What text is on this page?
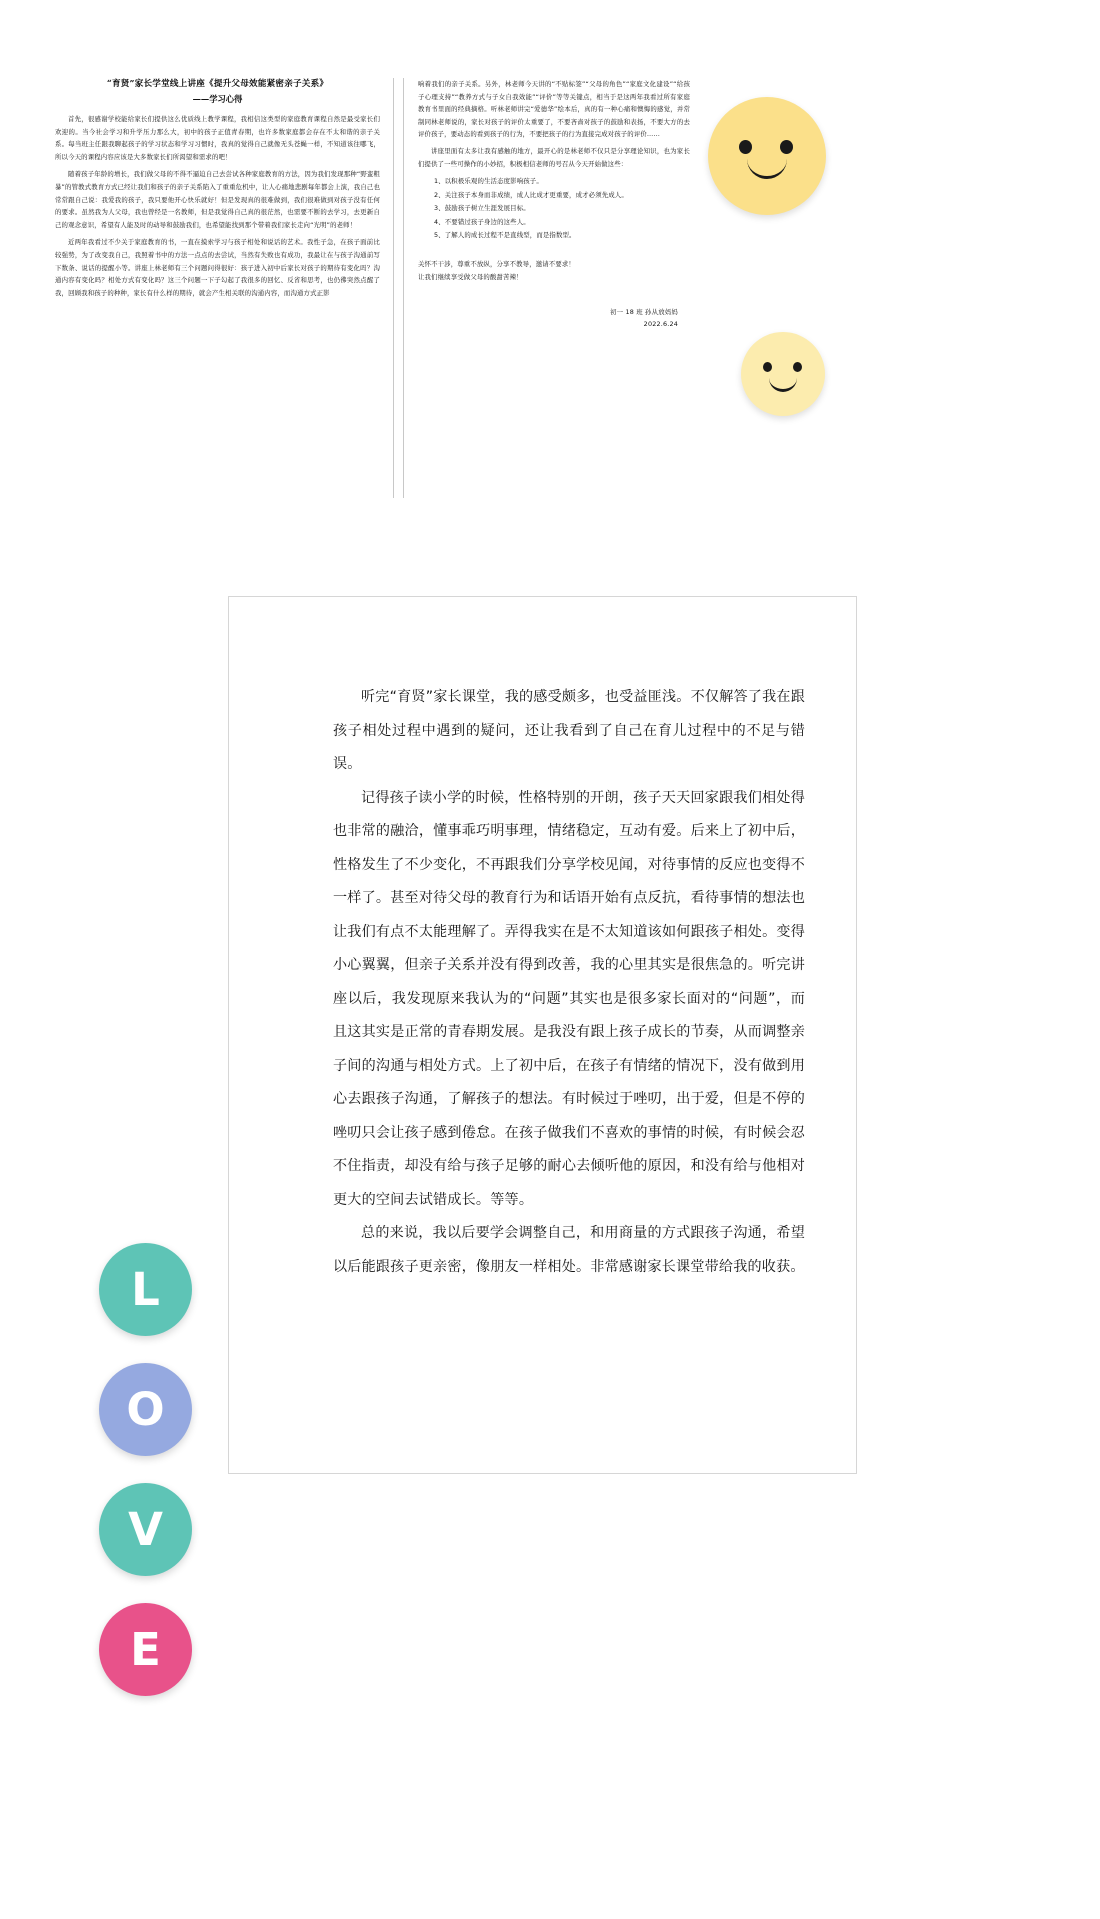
“育贤”家长学堂线上讲座《提升父母效能紧密亲子关系》
——学习心得

首先，很感谢学校能给家长们提供这么优质线上教学课程，我相信这类型的家庭教育课程自然是最受家长们欢迎的。当今社会学习和升学压力那么大，初中的孩子正值青春期，也许多数家庭都会存在不太和谐的亲子关系。每当班主任跟我聊起孩子的学习状态和学习习惯时，我真的觉得自己就像无头苍蝇一样，不知道该往哪飞，所以今天的课程内容应该是大多数家长们所渴望和需求的吧！

随着孩子年龄的增长，我们做父母的不得不逼迫自己去尝试各种家庭教育的方法，因为我们发现那种“野蛮粗暴”的管教式教育方式已经让我们和孩子的亲子关系陷入了重重危机中，让人心痛地悲剧每年都会上演，我自己也常常跟自己说：我爱我的孩子，我只要他开心快乐就好！但是发现真的很难做到，我们很难做到对孩子没有任何的要求。虽然我为人父母，我也曾经是一名教师，但是我觉得自己真的很茫然，也需要不断的去学习，去更新自己的观念意识，希望有人能及时的动导和鼓励我们，也希望能找到那个带着我们家长走向“光明”的老师！

近两年我看过不少关于家庭教育的书，一直在摸索学习与孩子相处和说话的艺术。我性子急，在孩子面前比较强势，为了改变我自己，我照着书中的方法一点点的去尝试，当然有失败也有成功，我最让在与孩子沟通前写下数条、说话的提醒小等。讲座上林老师有三个问题问得很好：孩子进入初中后家长对孩子的期待有变化吗？沟通内容有变化吗？相处方式有变化吗？这三个问题一下子勾起了我很多的回忆、反省和思考，也仍彿突然点醒了我，回顾我和孩子的种种，家长有什么样的期待，就会产生相关联的沟通内容，而沟通方式正影

响着我们的亲子关系。另外，林老师今天讲的“不贴标签”“父母的角色”“家庭文化建设”“给孩子心理支持”“教养方式与子女自我效能”“评价”等等关键点，相当于是这两年我看过所有家庭教育书里面的经典摘格。听林老师讲完“爱德华”绘本后，真的有一种心痛和懊悔的感觉，并常制同林老师说的，家长对孩子的评价太重要了，不要吝啬对孩子的鼓励和表扬，不要大方的去评价孩子，要动态的看到孩子的行为，不要把孩子的行为直接完成对孩子的评价……

讲座里面有太多让我有感触的地方，最开心的是林老师不仅只是分享理论知识，也为家长们提供了一些可操作的小妙招，积极相信老师的号召从今天开始做这些：

1、以积极乐观的生活态度影响孩子。
2、关注孩子本身而非成绩，成人比成才更重要，成才必须先成人。
3、鼓励孩子树立生涯发展目标。
4、不要错过孩子身边的这些人。
5、了解人的成长过程不是直线型，而是指数型。
关怀不干涉，尊重不放纵，分享不教导，邀请不要求！
让我们继续享受做父母的酸甜苦辣！
初一 18 班 孙从放妈妈
2022.6.24

听完“育贤”家长课堂，我的感受颇多，也受益匪浅。不仅解答了我在跟孩子相处过程中遇到的疑问，还让我看到了自己在育儿过程中的不足与错误。

记得孩子读小学的时候，性格特别的开朗，孩子天天回家跟我们相处得也非常的融洽，懂事乖巧明事理，情绪稳定，互动有爱。后来上了初中后，性格发生了不少变化，不再跟我们分享学校见闻，对待事情的反应也变得不一样了。甚至对待父母的教育行为和话语开始有点反抗，看待事情的想法也让我们有点不太能理解了。弄得我实在是不太知道该如何跟孩子相处。变得小心翼翼，但亲子关系并没有得到改善，我的心里其实是很焦急的。听完讲座以后，我发现原来我认为的“问题”其实也是很多家长面对的“问题”，而且这其实是正常的青春期发展。是我没有跟上孩子成长的节奏，从而调整亲子间的沟通与相处方式。上了初中后，在孩子有情绪的情况下，没有做到用心去跟孩子沟通，了解孩子的想法。有时候过于唑叨，出于爱，但是不停的唑叨只会让孩子感到倦怠。在孩子做我们不喜欢的事情的时候，有时候会忍不住指责，却没有给与孩子足够的耐心去倾听他的原因，和没有给与他相对更大的空间去试错成长。等等。

总的来说，我以后要学会调整自己，和用商量的方式跟孩子沟通，希望以后能跟孩子更亲密，像朋友一样相处。非常感谢家长课堂带给我的收获。

L
O
V
E
